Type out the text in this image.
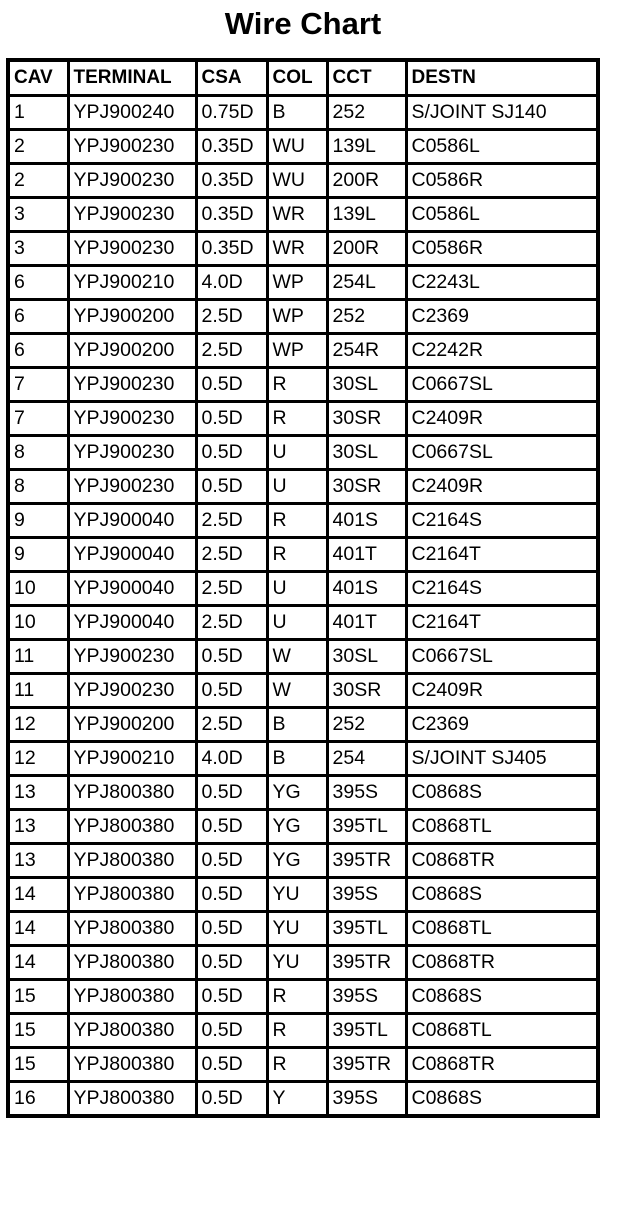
Wire Chart
CAV	TERMINAL	CSA	COL	CCT	DESTN
1	YPJ900240	0.75D	B	252	S/JOINT SJ140
2	YPJ900230	0.35D	WU	139L	C0586L
2	YPJ900230	0.35D	WU	200R	C0586R
3	YPJ900230	0.35D	WR	139L	C0586L
3	YPJ900230	0.35D	WR	200R	C0586R
6	YPJ900210	4.0D	WP	254L	C2243L
6	YPJ900200	2.5D	WP	252	C2369
6	YPJ900200	2.5D	WP	254R	C2242R
7	YPJ900230	0.5D	R	30SL	C0667SL
7	YPJ900230	0.5D	R	30SR	C2409R
8	YPJ900230	0.5D	U	30SL	C0667SL
8	YPJ900230	0.5D	U	30SR	C2409R
9	YPJ900040	2.5D	R	401S	C2164S
9	YPJ900040	2.5D	R	401T	C2164T
10	YPJ900040	2.5D	U	401S	C2164S
10	YPJ900040	2.5D	U	401T	C2164T
11	YPJ900230	0.5D	W	30SL	C0667SL
11	YPJ900230	0.5D	W	30SR	C2409R
12	YPJ900200	2.5D	B	252	C2369
12	YPJ900210	4.0D	B	254	S/JOINT SJ405
13	YPJ800380	0.5D	YG	395S	C0868S
13	YPJ800380	0.5D	YG	395TL	C0868TL
13	YPJ800380	0.5D	YG	395TR	C0868TR
14	YPJ800380	0.5D	YU	395S	C0868S
14	YPJ800380	0.5D	YU	395TL	C0868TL
14	YPJ800380	0.5D	YU	395TR	C0868TR
15	YPJ800380	0.5D	R	395S	C0868S
15	YPJ800380	0.5D	R	395TL	C0868TL
15	YPJ800380	0.5D	R	395TR	C0868TR
16	YPJ800380	0.5D	Y	395S	C0868S
